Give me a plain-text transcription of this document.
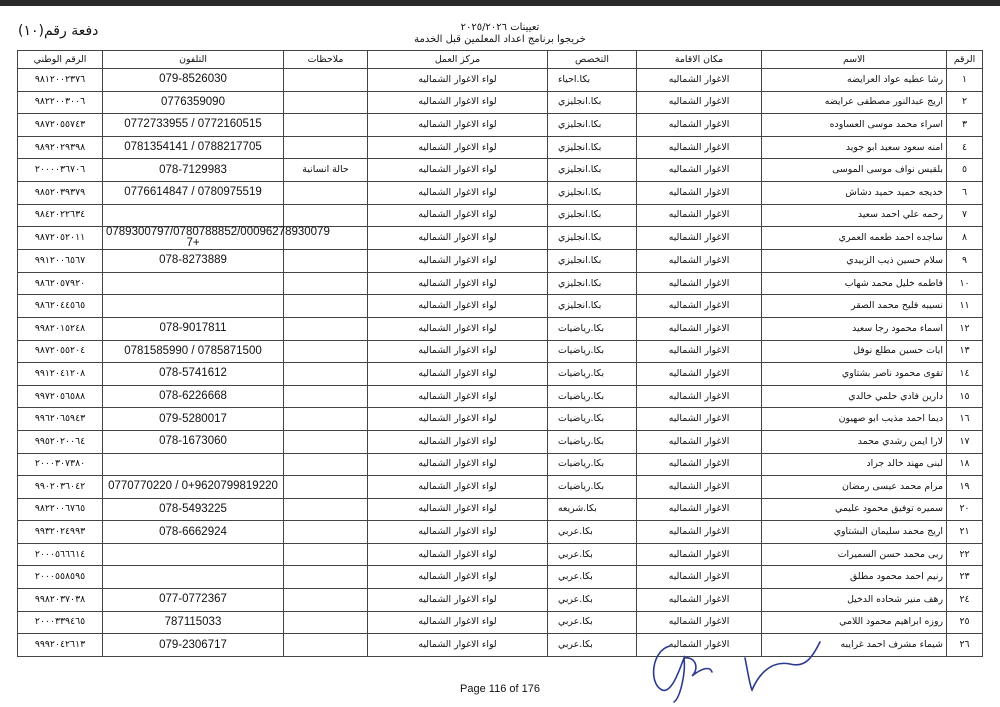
تعيينات ٢٠٢٥/٢٠٢٦
خريجوا برنامج اعداد المعلمين قبل الخدمة
دفعة رقم(١٠)
الرقم	الاسم	مكان الاقامة	التخصص	مركز العمل	ملاحظات	التلفون	الرقم الوطني
١	رشا عطيه عواد العرايضه	الاغوار الشماليه	بكا.احياء	لواء الاغوار الشماليه		079-8526030	٩٨١٢٠٠٢٣٧٦
٢	اريج عبدالنور مصطفى عرايضه	الاغوار الشماليه	بكا.انجليزي	لواء الاغوار الشماليه		0776359090	٩٨٢٢٠٠٣٠٠٦
٣	اسراء محمد موسى العساوده	الاغوار الشماليه	بكا.انجليزي	لواء الاغوار الشماليه		0772733955 / 0772160515	٩٨٧٢٠٥٥٧٤٣
٤	امنه سعود سعيد ابو جويد	الاغوار الشماليه	بكا.انجليزي	لواء الاغوار الشماليه		0781354141 / 0788217705	٩٨٩٢٠٢٩٣٩٨
٥	بلقيس نواف موسى الموسى	الاغوار الشماليه	بكا.انجليزي	لواء الاغوار الشماليه	حالة انسانية	078-7129983	٢٠٠٠٠٣٦٧٠٦
٦	خديجه حميد حميد دشاش	الاغوار الشماليه	بكا.انجليزي	لواء الاغوار الشماليه		0776614847 / 0780975519	٩٨٥٢٠٣٩٣٧٩
٧	رحمه علي احمد سعيد	الاغوار الشماليه	بكا.انجليزي	لواء الاغوار الشماليه			٩٨٤٢٠٢٢٦٣٤
٨	ساجده احمد طعمه العمري	الاغوار الشماليه	بكا.انجليزي	لواء الاغوار الشماليه		0789300797/0780788852/00096278930079 7+	٩٨٧٢٠٥٢٠١١
٩	سلام حسين ذيب الزبيدي	الاغوار الشماليه	بكا.انجليزي	لواء الاغوار الشماليه		078-8273889	٩٩١٢٠٠٦٥٦٧
١٠	فاطمه خليل محمد شهاب	الاغوار الشماليه	بكا.انجليزي	لواء الاغوار الشماليه			٩٨٦٢٠٥٧٩٢٠
١١	نسيبه فليح محمد الصقر	الاغوار الشماليه	بكا.انجليزي	لواء الاغوار الشماليه			٩٨٦٢٠٤٤٥٦٥
١٢	اسماء محمود رجا سعيد	الاغوار الشماليه	بكا.رياضيات	لواء الاغوار الشماليه		078-9017811	٩٩٨٢٠١٥٢٤٨
١٣	ايات حسين مطلع نوفل	الاغوار الشماليه	بكا.رياضيات	لواء الاغوار الشماليه		0781585990 / 0785871500	٩٨٧٢٠٥٥٢٠٤
١٤	تقوى محمود ناصر بشتاوي	الاغوار الشماليه	بكا.رياضيات	لواء الاغوار الشماليه		078-5741612	٩٩١٢٠٤١٢٠٨
١٥	دارين فادي حلمي خالدي	الاغوار الشماليه	بكا.رياضيات	لواء الاغوار الشماليه		078-6226668	٩٩٧٢٠٥٦٥٨٨
١٦	ديما احمد مذيب ابو صهيون	الاغوار الشماليه	بكا.رياضيات	لواء الاغوار الشماليه		079-5280017	٩٩٦٢٠٦٥٩٤٣
١٧	لارا ايمن رشدي محمد	الاغوار الشماليه	بكا.رياضيات	لواء الاغوار الشماليه		078-1673060	٩٩٥٢٠٢٠٠٦٤
١٨	لبنى مهند خالد جراد	الاغوار الشماليه	بكا.رياضيات	لواء الاغوار الشماليه			٢٠٠٠٣٠٧٣٨٠
١٩	مرام محمد عيسى رمضان	الاغوار الشماليه	بكا.رياضيات	لواء الاغوار الشماليه		0770770220 / 0+9620799819220	٩٩٠٢٠٣٦٠٤٢
٢٠	سميره توفيق محمود عليمي	الاغوار الشماليه	بكا.شريعه	لواء الاغوار الشماليه		078-5493225	٩٨٢٢٠٠٦٧٦٥
٢١	اريج محمد سليمان البشتاوي	الاغوار الشماليه	بكا.عربي	لواء الاغوار الشماليه		078-6662924	٩٩٣٢٠٢٤٩٩٣
٢٢	ربى محمد حسن السميرات	الاغوار الشماليه	بكا.عربي	لواء الاغوار الشماليه			٢٠٠٠٥٦٦٦١٤
٢٣	رنيم احمد محمود مطلق	الاغوار الشماليه	بكا.عربي	لواء الاغوار الشماليه			٢٠٠٠٥٥٨٥٩٥
٢٤	رهف منير شحاده الدخيل	الاغوار الشماليه	بكا.عربي	لواء الاغوار الشماليه		077-0772367	٩٩٨٢٠٣٧٠٣٨
٢٥	روزه ابراهيم محمود اللامي	الاغوار الشماليه	بكا.عربي	لواء الاغوار الشماليه		787115033	٢٠٠٠٣٣٩٤٦٥
٢٦	شيماء مشرف احمد غرايبه	الاغوار الشماليه	بكا.عربي	لواء الاغوار الشماليه		079-2306717	٩٩٩٢٠٤٢٦١٣
Page 116 of 176
